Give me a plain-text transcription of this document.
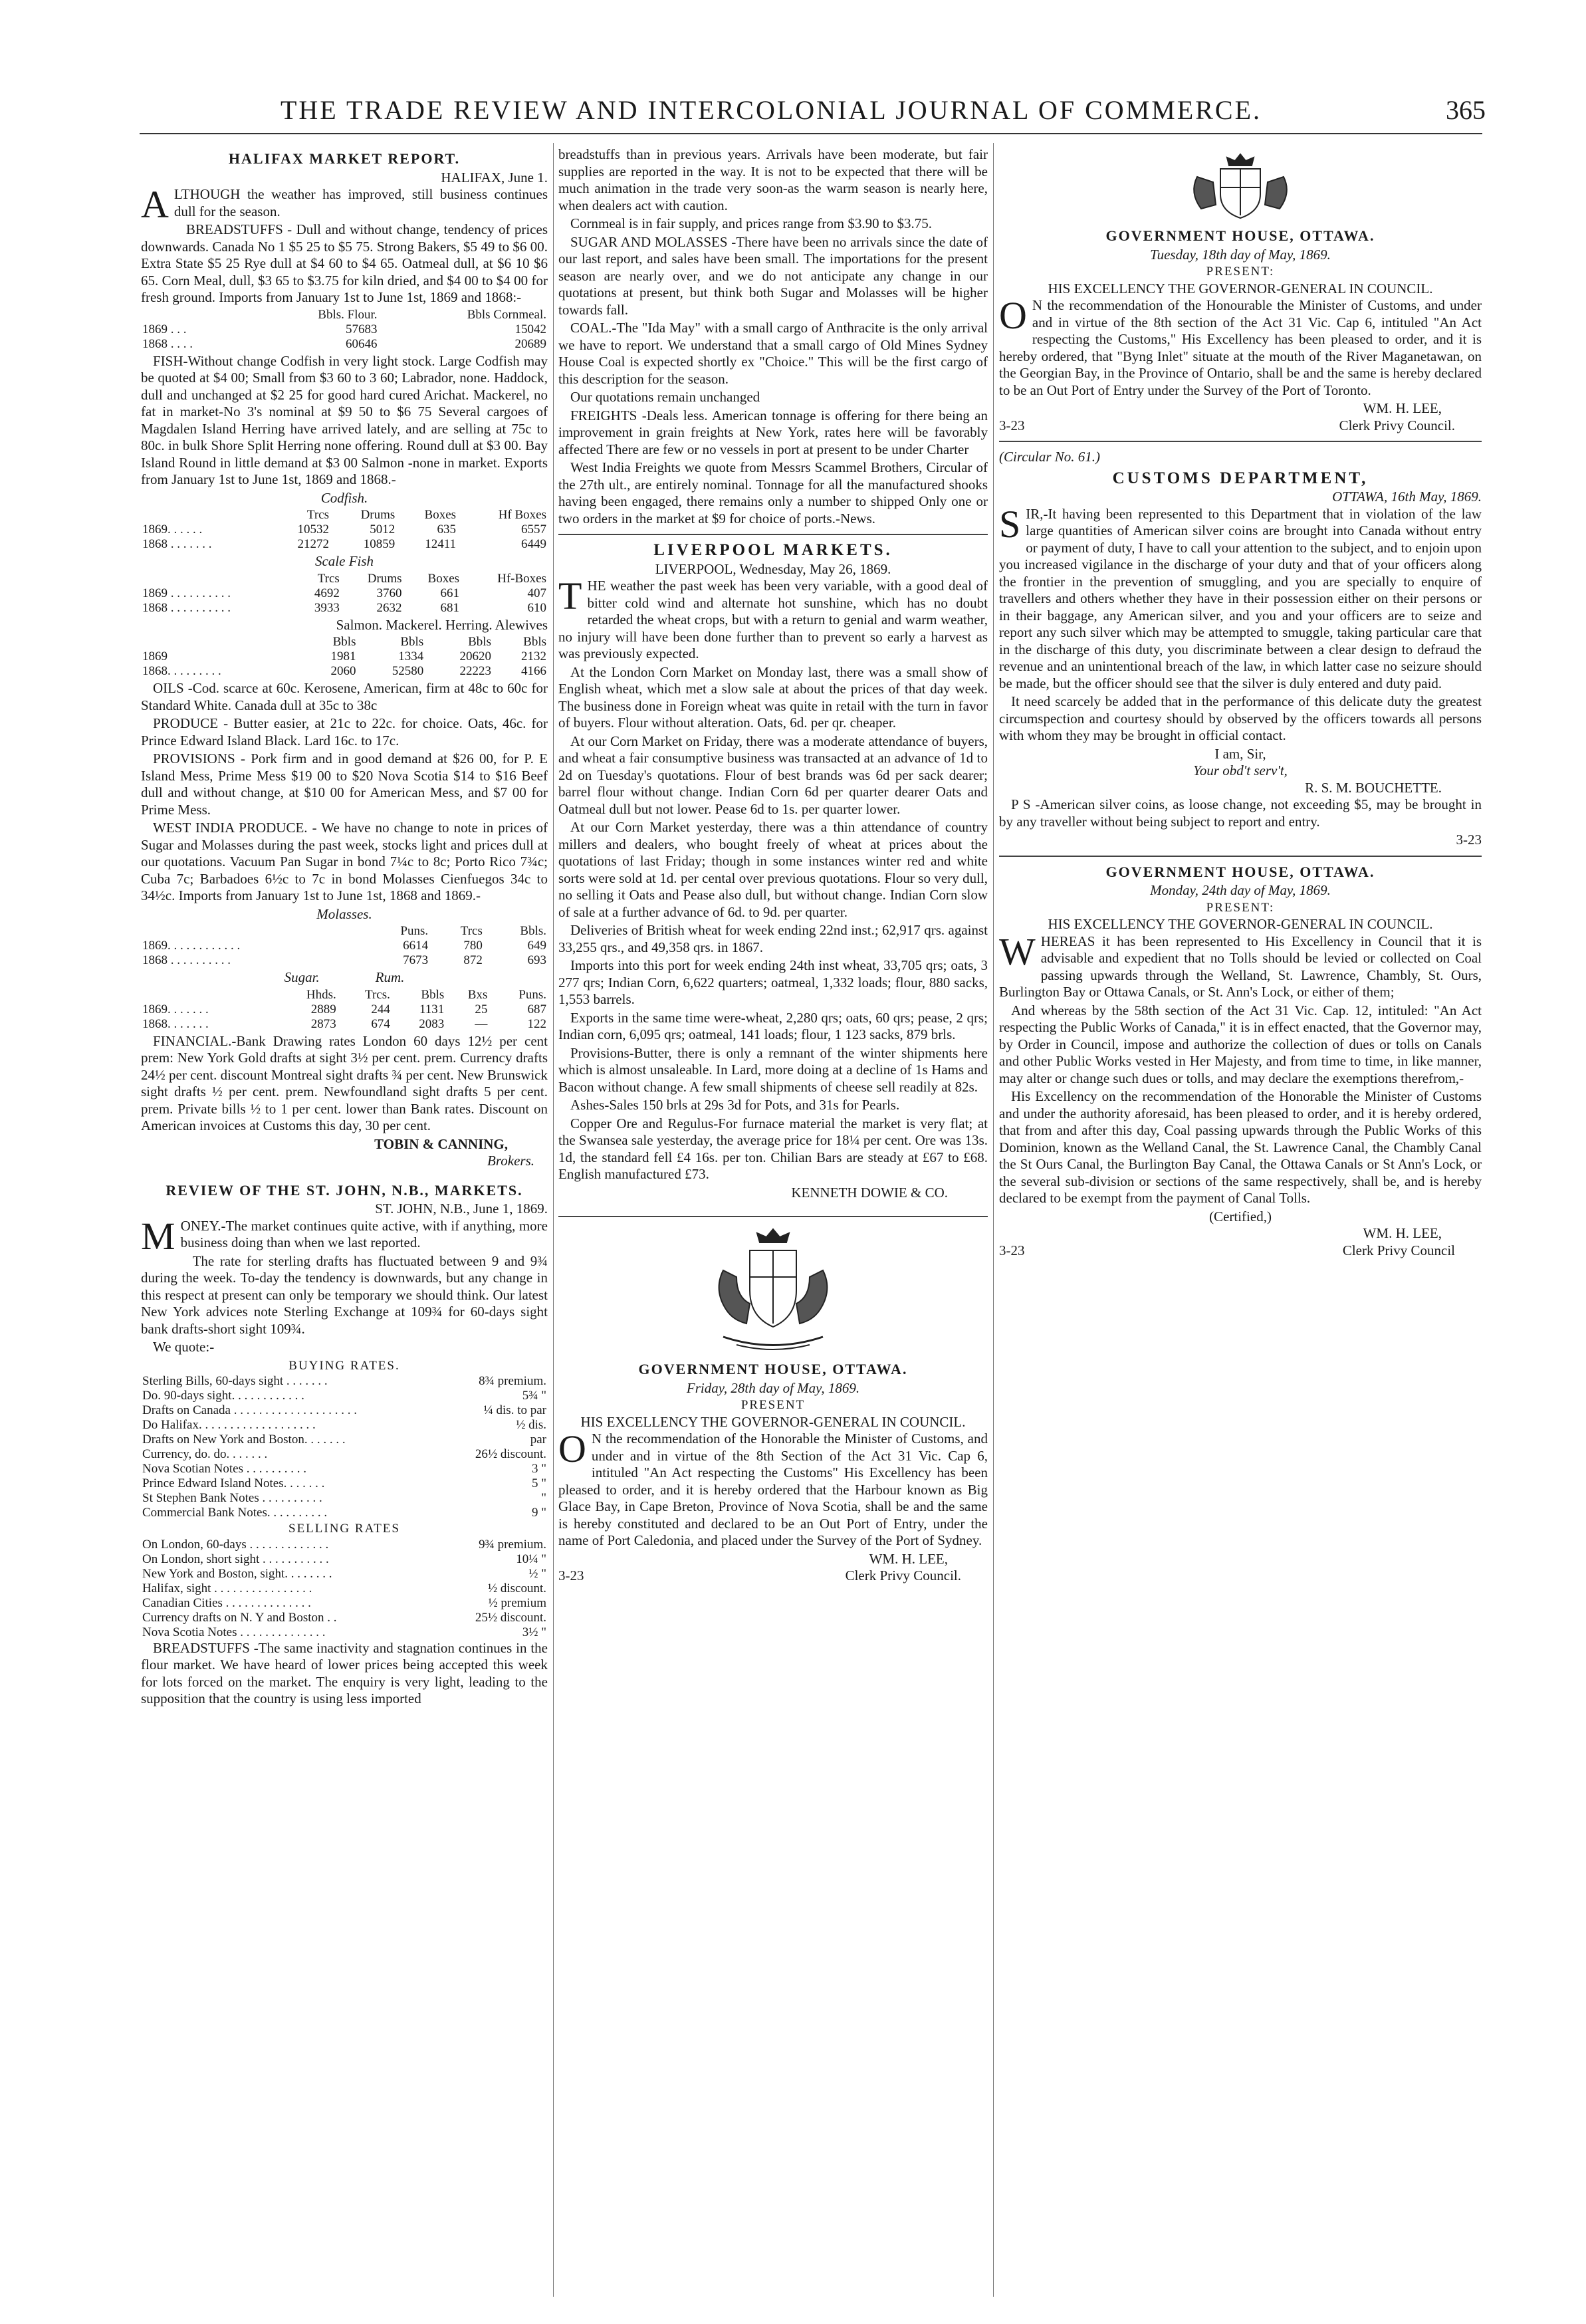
THE TRADE REVIEW AND INTERCOLONIAL JOURNAL OF COMMERCE.	365
HALIFAX MARKET REPORT.
HALIFAX, June 1.

ALTHOUGH the weather has improved, still business continues dull for the season.

BREADSTUFFS - Dull and without change, tendency of prices downwards. Canada No 1 $5 25 to $5 75. Strong Bakers, $5 49 to $6 00. Extra State $5 25 Rye dull at $4 60 to $4 65. Oatmeal dull, at $6 10 $6 65. Corn Meal, dull, $3 65 to $3.75 for kiln dried, and $4 00 to $4 00 for fresh ground. Imports from January 1st to June 1st, 1869 and 1868:-

	Bbls. Flour.	Bbls Cornmeal.
1869 . . .	57683	15042
1868 . . . .	60646	20689

FISH-Without change Codfish in very light stock. Large Codfish may be quoted at $4 00; Small from $3 60 to 3 60; Labrador, none. Haddock, dull and unchanged at $2 25 for good hard cured Arichat. Mackerel, no fat in market-No 3's nominal at $9 50 to $6 75 Several cargoes of Magdalen Island Herring have arrived lately, and are selling at 75c to 80c. in bulk Shore Split Herring none offering. Round dull at $3 00. Bay Island Round in little demand at $3 00 Salmon -none in market. Exports from January 1st to June 1st, 1869 and 1868.-

Codfish.
	Trcs	Drums	Boxes	Hf Boxes
1869. . . . . .	10532	5012	635	6557
1868 . . . . . . .	21272	10859	12411	6449
Scale Fish
	Trcs	Drums	Boxes	Hf-Boxes
1869 . . . . . . . . . .	4692	3760	661	407
1868 . . . . . . . . . .	3933	2632	681	610
Salmon. Mackerel. Herring. Alewives
	Bbls	Bbls	Bbls	Bbls
1869	1981	1334	20620	2132
1868. . . . . . . . .	2060	52580	22223	4166

OILS -Cod. scarce at 60c. Kerosene, American, firm at 48c to 60c for Standard White. Canada dull at 35c to 38c

PRODUCE - Butter easier, at 21c to 22c. for choice. Oats, 46c. for Prince Edward Island Black. Lard 16c. to 17c.

PROVISIONS - Pork firm and in good demand at $26 00, for P. E Island Mess, Prime Mess $19 00 to $20 Nova Scotia $14 to $16 Beef dull and without change, at $10 00 for American Mess, and $7 00 for Prime Mess.

WEST INDIA PRODUCE. - We have no change to note in prices of Sugar and Molasses during the past week, stocks light and prices dull at our quotations. Vacuum Pan Sugar in bond 7¼c to 8c; Porto Rico 7¾c; Cuba 7c; Barbadoes 6½c to 7c in bond Molasses Cienfuegos 34c to 34½c. Imports from January 1st to June 1st, 1868 and 1869.-

Molasses.
	Puns.	Trcs	Bbls.
1869. . . . . . . . . . . .	6614	780	649
1868 . . . . . . . . . .	7673	872	693
Sugar.                Rum.
	Hhds.	Trcs.	Bbls	Bxs	Puns.
1869. . . . . . .	2889	244	1131	25	687
1868. . . . . . .	2873	674	2083	—	122

FINANCIAL.-Bank Drawing rates London 60 days 12½ per cent prem: New York Gold drafts at sight 3½ per cent. prem. Currency drafts 24½ per cent. discount Montreal sight drafts ¾ per cent. New Brunswick sight drafts ½ per cent. prem. Newfoundland sight drafts 5 per cent. prem. Private bills ½ to 1 per cent. lower than Bank rates. Discount on American invoices at Customs this day, 30 per cent.

TOBIN & CANNING,
Brokers.
REVIEW OF THE ST. JOHN, N.B., MARKETS.
ST. JOHN, N.B., June 1, 1869.

MONEY.-The market continues quite active, with if anything, more business doing than when we last reported.

The rate for sterling drafts has fluctuated between 9 and 9¾ during the week. To-day the tendency is downwards, but any change in this respect at present can only be temporary we should think. Our latest New York advices note Sterling Exchange at 109¾ for 60-days sight bank drafts-short sight 109¾.

We quote:-

BUYING RATES.
Sterling Bills, 60-days sight . . . . . . .	8¾ premium.
Do. 90-days sight. . . . . . . . . . . .	5¾ "
Drafts on Canada . . . . . . . . . . . . . . . . . . . .	¼ dis. to par
Do Halifax. . . . . . . . . . . . . . . . . . .	½ dis.
Drafts on New York and Boston. . . . . . .	par
Currency, do. do. . . . . . .	26½ discount.
Nova Scotian Notes . . . . . . . . . .	3 "
Prince Edward Island Notes. . . . . . .	5 "
St Stephen Bank Notes . . . . . . . . . .	"
Commercial Bank Notes. . . . . . . . . .	9 "
SELLING RATES
On London, 60-days . . . . . . . . . . . . .	9¾ premium.
On London, short sight . . . . . . . . . . .	10¼ "
New York and Boston, sight. . . . . . . .	½ "
Halifax, sight . . . . . . . . . . . . . . . .	½ discount.
Canadian Cities . . . . . . . . . . . . . .	½ premium
Currency drafts on N. Y and Boston . .	25½ discount.
Nova Scotia Notes . . . . . . . . . . . . . .	3½ "

BREADSTUFFS -The same inactivity and stagnation continues in the flour market. We have heard of lower prices being accepted this week for lots forced on the market. The enquiry is very light, leading to the supposition that the country is using less imported

breadstuffs than in previous years. Arrivals have been moderate, but fair supplies are reported in the way. It is not to be expected that there will be much animation in the trade very soon-as the warm season is nearly here, when dealers act with caution.

Cornmeal is in fair supply, and prices range from $3.90 to $3.75.

SUGAR AND MOLASSES -There have been no arrivals since the date of our last report, and sales have been small. The importations for the present season are nearly over, and we do not anticipate any change in our quotations at present, but think both Sugar and Molasses will be higher towards fall.

COAL.-The "Ida May" with a small cargo of Anthracite is the only arrival we have to report. We understand that a small cargo of Old Mines Sydney House Coal is expected shortly ex "Choice." This will be the first cargo of this description for the season.

Our quotations remain unchanged

FREIGHTS -Deals less. American tonnage is offering for there being an improvement in grain freights at New York, rates here will be favorably affected There are few or no vessels in port at present to be under Charter

West India Freights we quote from Messrs Scammel Brothers, Circular of the 27th ult., are entirely nominal. Tonnage for all the manufactured shooks having been engaged, there remains only a number to shipped Only one or two orders in the market at $9 for choice of ports.-News.

LIVERPOOL MARKETS.
LIVERPOOL, Wednesday, May 26, 1869.

THE weather the past week has been very variable, with a good deal of bitter cold wind and alternate hot sunshine, which has no doubt retarded the wheat crops, but with a return to genial and warm weather, no injury will have been done further than to prevent so early a harvest as was previously expected.

At the London Corn Market on Monday last, there was a small show of English wheat, which met a slow sale at about the prices of that day week. The business done in Foreign wheat was quite in retail with the turn in favor of buyers. Flour without alteration. Oats, 6d. per qr. cheaper.

At our Corn Market on Friday, there was a moderate attendance of buyers, and wheat a fair consumptive business was transacted at an advance of 1d to 2d on Tuesday's quotations. Flour of best brands was 6d per sack dearer; barrel flour without change. Indian Corn 6d per quarter dearer Oats and Oatmeal dull but not lower. Pease 6d to 1s. per quarter lower.

At our Corn Market yesterday, there was a thin attendance of country millers and dealers, who bought freely of wheat at prices about the quotations of last Friday; though in some instances winter red and white sorts were sold at 1d. per cental over previous quotations. Flour so very dull, no selling it Oats and Pease also dull, but without change. Indian Corn slow of sale at a further advance of 6d. to 9d. per quarter.

Deliveries of British wheat for week ending 22nd inst.; 62,917 qrs. against 33,255 qrs., and 49,358 qrs. in 1867.

Imports into this port for week ending 24th inst wheat, 33,705 qrs; oats, 3 277 qrs; Indian Corn, 6,622 quarters; oatmeal, 1,332 loads; flour, 880 sacks, 1,553 barrels.

Exports in the same time were-wheat, 2,280 qrs; oats, 60 qrs; pease, 2 qrs; Indian corn, 6,095 qrs; oatmeal, 141 loads; flour, 1 123 sacks, 879 brls.

Provisions-Butter, there is only a remnant of the winter shipments here which is almost unsaleable. In Lard, more doing at a decline of 1s Hams and Bacon without change. A few small shipments of cheese sell readily at 82s.

Ashes-Sales 150 brls at 29s 3d for Pots, and 31s for Pearls.

Copper Ore and Regulus-For furnace material the market is very flat; at the Swansea sale yesterday, the average price for 18¼ per cent. Ore was 13s. 1d, the standard fell £4 16s. per ton. Chilian Bars are steady at £67 to £68. English manufactured £73.

KENNETH DOWIE & CO.
GOVERNMENT HOUSE, OTTAWA.
Friday, 28th day of May, 1869.
PRESENT
HIS EXCELLENCY THE GOVERNOR-GENERAL IN COUNCIL.

O N the recommendation of the Honorable the Minister of Customs, and under and in virtue of the 8th Section of the Act 31 Vic. Cap 6, intituled "An Act respecting the Customs" His Excellency has been pleased to order, and it is hereby ordered that the Harbour known as Big Glace Bay, in Cape Breton, Province of Nova Scotia, shall be and the same is hereby constituted and declared to be an Out Port of Entry, under the name of Port Caledonia, and placed under the Survey of the Port of Sydney.

WM. H. LEE,
3-23	Clerk Privy Council.
GOVERNMENT HOUSE, OTTAWA.
Tuesday, 18th day of May, 1869.
PRESENT:
HIS EXCELLENCY THE GOVERNOR-GENERAL IN COUNCIL.

O N the recommendation of the Honourable the Minister of Customs, and under and in virtue of the 8th section of the Act 31 Vic. Cap 6, intituled "An Act respecting the Customs," His Excellency has been pleased to order, and it is hereby ordered, that "Byng Inlet" situate at the mouth of the River Maganetawan, on the Georgian Bay, in the Province of Ontario, shall be and the same is hereby declared to be an Out Port of Entry under the Survey of the Port of Toronto.

WM. H. LEE,
3-23	Clerk Privy Council.
(Circular No. 61.)
CUSTOMS DEPARTMENT,
OTTAWA, 16th May, 1869.

SIR,-It having been represented to this Department that in violation of the law large quantities of American silver coins are brought into Canada without entry or payment of duty, I have to call your attention to the subject, and to enjoin upon you increased vigilance in the discharge of your duty and that of your officers along the frontier in the prevention of smuggling, and you are specially to enquire of travellers and others whether they have in their possession either on their persons or in their baggage, any American silver, and you and your officers are to seize and report any such silver which may be attempted to smuggle, taking particular care that in the discharge of this duty, you discriminate between a clear design to defraud the revenue and an unintentional breach of the law, in which latter case no seizure should be made, but the officer should see that the silver is duly entered and duty paid.

It need scarcely be added that in the performance of this delicate duty the greatest circumspection and courtesy should by observed by the officers towards all persons with whom they may be brought in official contact.

I am, Sir,
Your obd't serv't,
R. S. M. BOUCHETTE.

P S -American silver coins, as loose change, not exceeding $5, may be brought in by any traveller without being subject to report and entry.

3-23
GOVERNMENT HOUSE, OTTAWA.
Monday, 24th day of May, 1869.
PRESENT:
HIS EXCELLENCY THE GOVERNOR-GENERAL IN COUNCIL.

WHEREAS it has been represented to His Excellency in Council that it is advisable and expedient that no Tolls should be levied or collected on Coal passing upwards through the Welland, St. Lawrence, Chambly, St. Ours, Burlington Bay or Ottawa Canals, or St. Ann's Lock, or either of them;

And whereas by the 58th section of the Act 31 Vic. Cap. 12, intituled: "An Act respecting the Public Works of Canada," it is in effect enacted, that the Governor may, by Order in Council, impose and authorize the collection of dues or tolls on Canals and other Public Works vested in Her Majesty, and from time to time, in like manner, may alter or change such dues or tolls, and may declare the exemptions therefrom,-

His Excellency on the recommendation of the Honorable the Minister of Customs and under the authority aforesaid, has been pleased to order, and it is hereby ordered, that from and after this day, Coal passing upwards through the Public Works of this Dominion, known as the Welland Canal, the St. Lawrence Canal, the Chambly Canal the St Ours Canal, the Burlington Bay Canal, the Ottawa Canals or St Ann's Lock, or the several sub-division or sections of the same respectively, shall be, and is hereby declared to be exempt from the payment of Canal Tolls.

(Certified,)
WM. H. LEE,
3-23	Clerk Privy Council
